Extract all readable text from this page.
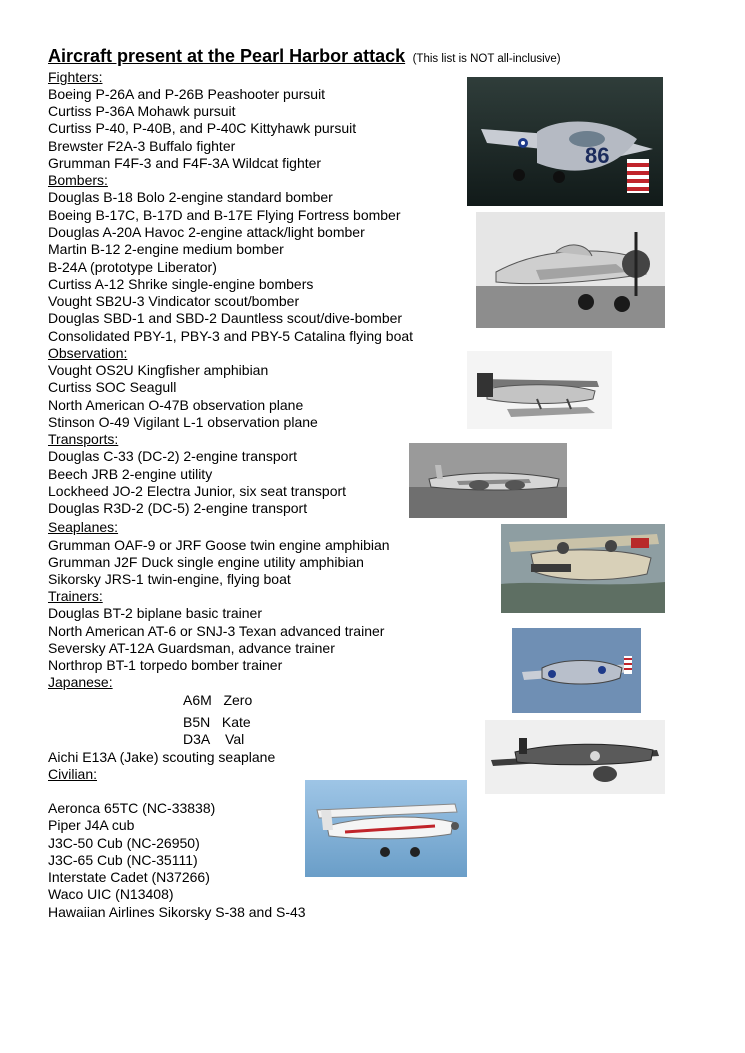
Aircraft present at the Pearl Harbor attack (This list is NOT all-inclusive)
Fighters:
Boeing P-26A and P-26B Peashooter pursuit
Curtiss P-36A Mohawk pursuit
Curtiss P-40, P-40B, and P-40C Kittyhawk pursuit
Brewster F2A-3 Buffalo fighter
Grumman F4F-3 and F4F-3A Wildcat fighter
Bombers:
Douglas B-18 Bolo 2-engine standard bomber
Boeing B-17C, B-17D and B-17E Flying Fortress bomber
Douglas A-20A Havoc 2-engine attack/light bomber
Martin B-12 2-engine medium bomber
B-24A (prototype Liberator)
Curtiss A-12 Shrike single-engine bombers
Vought SB2U-3 Vindicator scout/bomber
Douglas SBD-1 and SBD-2 Dauntless scout/dive-bomber
Consolidated PBY-1, PBY-3 and PBY-5 Catalina flying boat
Observation:
Vought OS2U Kingfisher amphibian
Curtiss SOC Seagull
North American O-47B observation plane
Stinson O-49 Vigilant L-1 observation plane
Transports:
Douglas C-33 (DC-2) 2-engine transport
Beech JRB 2-engine utility
Lockheed JO-2 Electra Junior, six seat transport
Douglas R3D-2 (DC-5) 2-engine transport
Seaplanes:
Grumman OAF-9 or JRF Goose twin engine amphibian
Grumman J2F Duck single engine utility amphibian
Sikorsky JRS-1 twin-engine, flying boat
Trainers:
Douglas BT-2 biplane basic trainer
North American AT-6 or SNJ-3 Texan advanced trainer
Seversky AT-12A Guardsman, advance trainer
Northrop BT-1 torpedo bomber trainer
Japanese:
A6M   Zero
B5N   Kate
D3A    Val
Aichi E13A (Jake) scouting seaplane
Civilian:
Aeronca 65TC (NC-33838)
Piper J4A cub
J3C-50 Cub (NC-26950)
J3C-65 Cub (NC-35111)
Interstate Cadet (N37266)
Waco UIC (N13408)
Hawaiian Airlines Sikorsky S-38 and S-43
86
